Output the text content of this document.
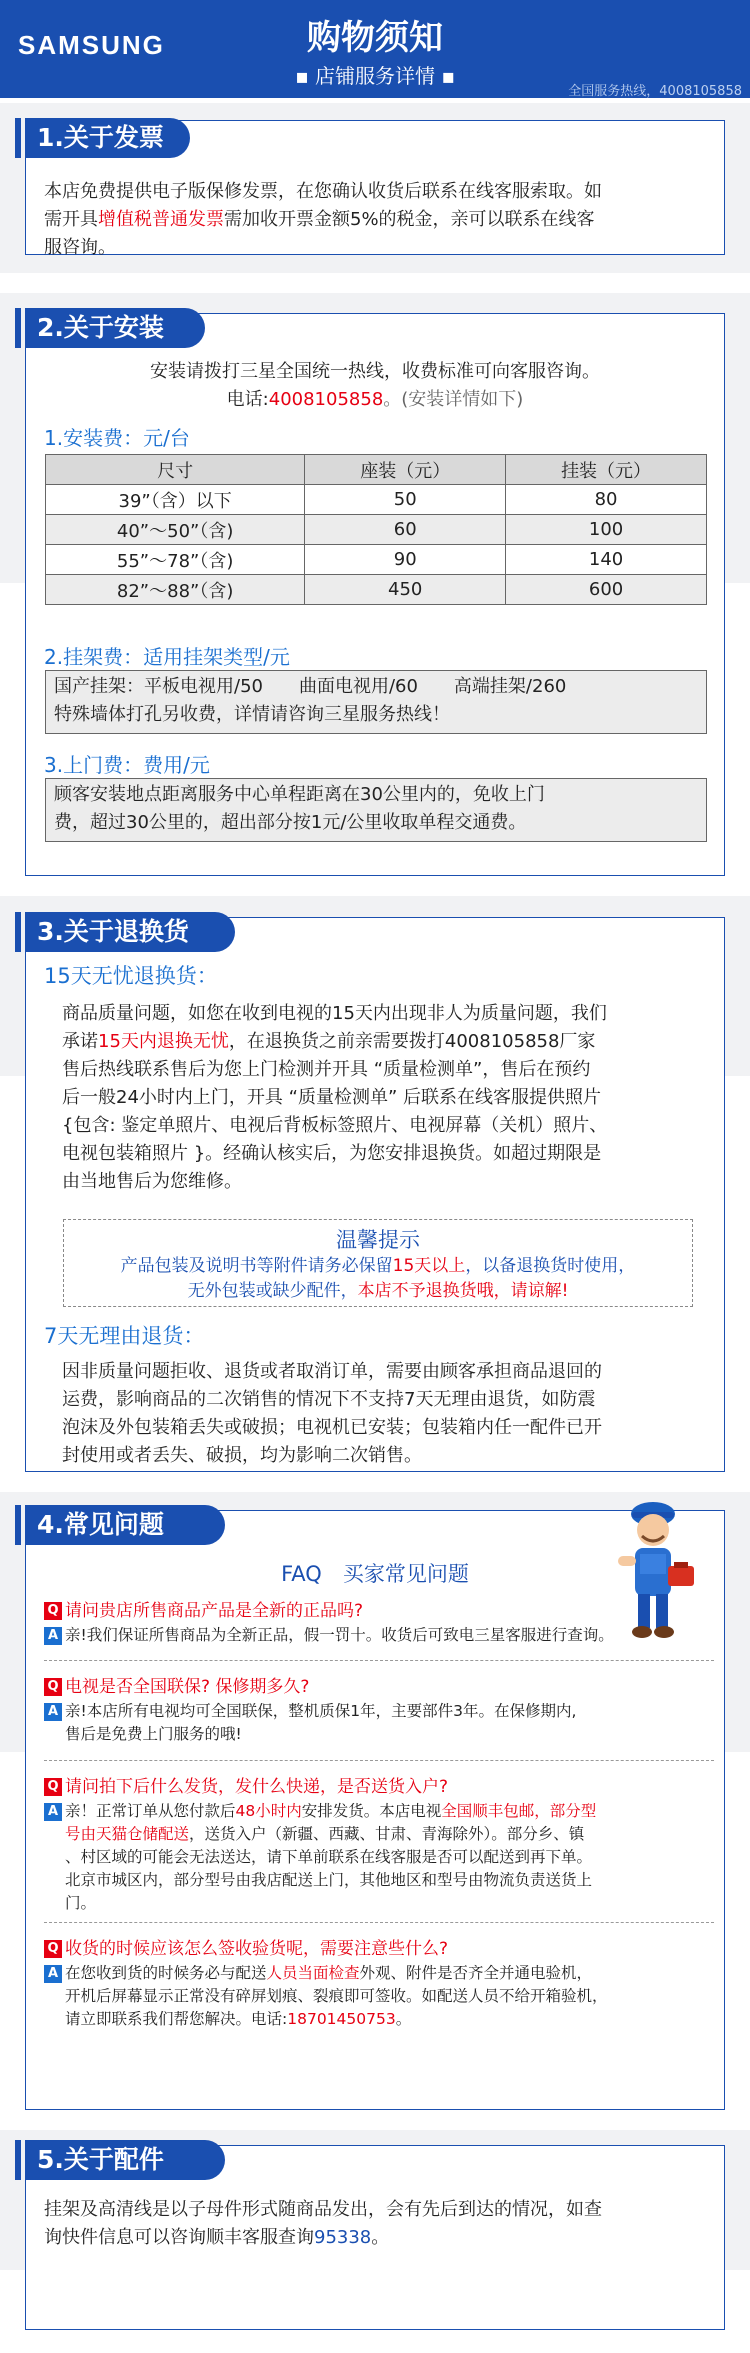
SAMSUNG	购物须知
▪ 店铺服务详情 ▪
全国服务热线，4008105858
1.关于发票
本店免费提供电子版保修发票，在您确认收货后联系在线客服索取。如
需开具增值税普通发票需加收开票金额5%的税金，亲可以联系在线客
服咨询。
2.关于安装
安装请拨打三星全国统一热线，收费标准可向客服咨询。
电话:4008105858。(安装详情如下)
1.安装费：元/台
尺寸	座装（元）	挂装（元）
39”（含）以下	50	80
40”～50”（含)	60	100
55”～78”（含)	90	140
82”～88”（含)	450	600
2.挂架费：适用挂架类型/元
国产挂架：平板电视用/50　　曲面电视用/60　　高端挂架/260
特殊墙体打孔另收费，详情请咨询三星服务热线！
3.上门费：费用/元
顾客安装地点距离服务中心单程距离在30公里内的，免收上门
费，超过30公里的，超出部分按1元/公里收取单程交通费。
3.关于退换货
15天无忧退换货：
商品质量问题，如您在收到电视的15天内出现非人为质量问题，我们
承诺15天内退换无忧，在退换货之前亲需要拨打4008105858厂家
售后热线联系售后为您上门检测并开具 “质量检测单”，售后在预约
后一般24小时内上门，开具 “质量检测单” 后联系在线客服提供照片
{包含: 鉴定单照片、电视后背板标签照片、电视屏幕（关机）照片、
电视包装箱照片 }。经确认核实后，为您安排退换货。如超过期限是
由当地售后为您维修。
温馨提示
产品包装及说明书等附件请务必保留15天以上，以备退换货时使用，
无外包装或缺少配件，本店不予退换货哦，请谅解!
7天无理由退货：
因非质量问题拒收、退货或者取消订单，需要由顾客承担商品退回的
运费，影响商品的二次销售的情况下不支持7天无理由退货，如防震
泡沫及外包装箱丢失或破损；电视机已安装；包装箱内任一配件已开
封使用或者丢失、破损，均为影响二次销售。
4.常见问题
FAQ　买家常见问题
Q 请问贵店所售商品产品是全新的正品吗?
A 亲!我们保证所售商品为全新正品，假一罚十。收货后可致电三星客服进行查询。
Q 电视是否全国联保? 保修期多久?
A 亲!本店所有电视均可全国联保，整机质保1年，主要部件3年。在保修期内,
售后是免费上门服务的哦!
Q 请问拍下后什么发货，发什么快递，是否送货入户?
A 亲！正常订单从您付款后48小时内安排发货。本店电视全国顺丰包邮，部分型
号由天猫仓储配送，送货入户（新疆、西藏、甘肃、青海除外）。部分乡、镇
、村区域的可能会无法送达，请下单前联系在线客服是否可以配送到再下单。
北京市城区内，部分型号由我店配送上门，其他地区和型号由物流负责送货上
门。
Q 收货的时候应该怎么签收验货呢，需要注意些什么?
A 在您收到货的时候务必与配送人员当面检查外观、附件是否齐全并通电验机，
开机后屏幕显示正常没有碎屏划痕、裂痕即可签收。如配送人员不给开箱验机，
请立即联系我们帮您解决。电话:18701450753。
5.关于配件
挂架及高清线是以子母件形式随商品发出，会有先后到达的情况，如查
询快件信息可以咨询顺丰客服查询95338。
